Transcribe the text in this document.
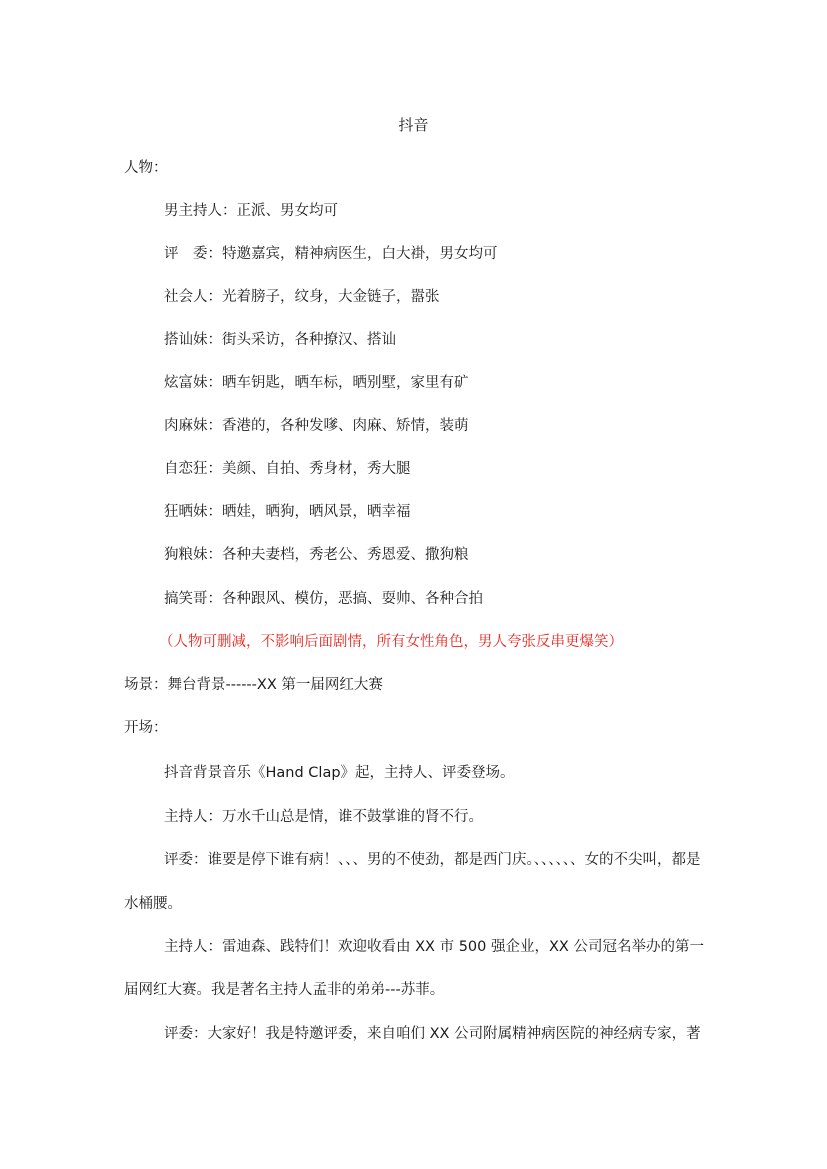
抖音
人物：
男主持人：正派、男女均可
评　委：特邀嘉宾，精神病医生，白大褂，男女均可
社会人：光着膀子，纹身，大金链子，嚣张
搭讪妹：街头采访，各种撩汉、搭讪
炫富妹：晒车钥匙，晒车标，晒别墅，家里有矿
肉麻妹：香港的，各种发嗲、肉麻、矫情，装萌
自恋狂：美颜、自拍、秀身材，秀大腿
狂晒妹：晒娃，晒狗，晒风景，晒幸福
狗粮妹：各种夫妻档，秀老公、秀恩爱、撒狗粮
搞笑哥：各种跟风、模仿，恶搞、耍帅、各种合拍
（人物可删减，不影响后面剧情，所有女性角色，男人夸张反串更爆笑）
场景：舞台背景------XX 第一届网红大赛
开场：
抖音背景音乐《Hand Clap》起，主持人、评委登场。
主持人：万水千山总是情，谁不鼓掌谁的肾不行。
评委：谁要是停下谁有病！、、、男的不使劲，都是西门庆。、、、、、、女的不尖叫，都是
水桶腰。
主持人：雷迪森、践特们！欢迎收看由 XX 市 500 强企业，XX 公司冠名举办的第一
届网红大赛。我是著名主持人孟非的弟弟---苏菲。
评委：大家好！我是特邀评委，来自咱们 XX 公司附属精神病医院的神经病专家，著
